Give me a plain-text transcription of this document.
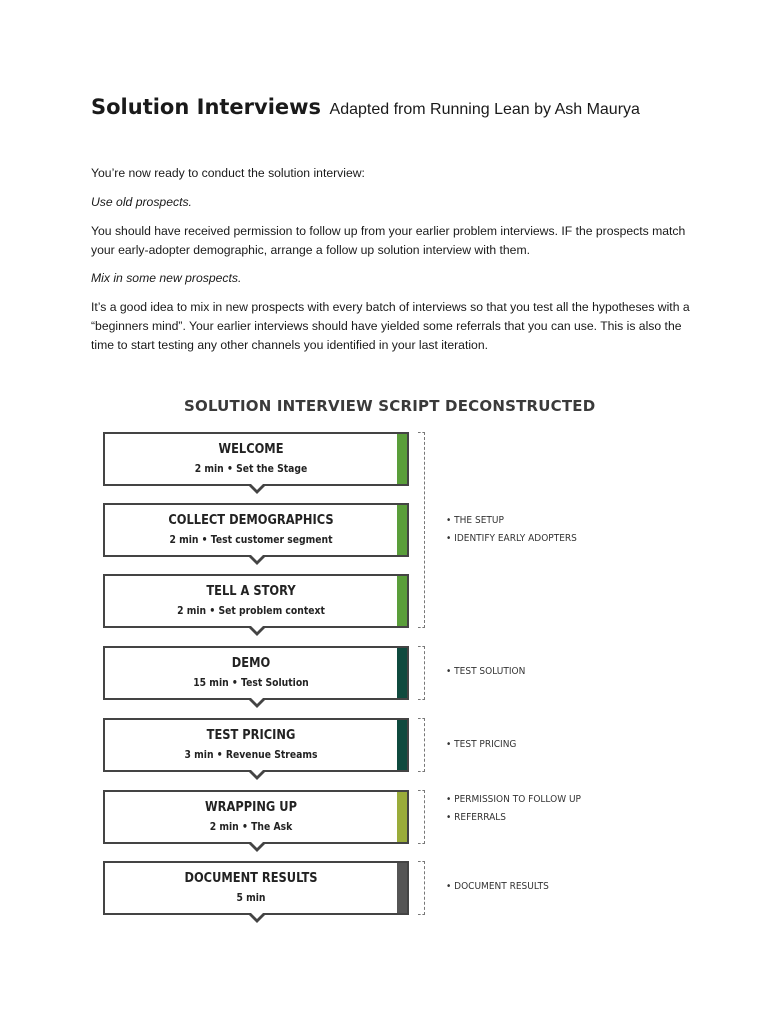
Solution Interviews Adapted from Running Lean by Ash Maurya

You’re now ready to conduct the solution interview:

Use old prospects.

You should have received permission to follow up from your earlier problem interviews. IF the prospects match your early-adopter demographic, arrange a follow up solution interview with them.

Mix in some new prospects.

It’s a good idea to mix in new prospects with every batch of interviews so that you test all the hypotheses with a “beginners mind”. Your earlier interviews should have yielded some referrals that you can use. This is also the time to start testing any other channels you identified in your last iteration.

SOLUTION INTERVIEW SCRIPT DECONSTRUCTED
WELCOME
2 min • Set the Stage
COLLECT DEMOGRAPHICS
2 min • Test customer segment
TELL A STORY
2 min • Set problem context
DEMO
15 min • Test Solution
TEST PRICING
3 min • Revenue Streams
WRAPPING UP
2 min • The Ask
DOCUMENT RESULTS
5 min
• THE SETUP
• IDENTIFY EARLY ADOPTERS
• TEST SOLUTION
• TEST PRICING
• PERMISSION TO FOLLOW UP
• REFERRALS
• DOCUMENT RESULTS
